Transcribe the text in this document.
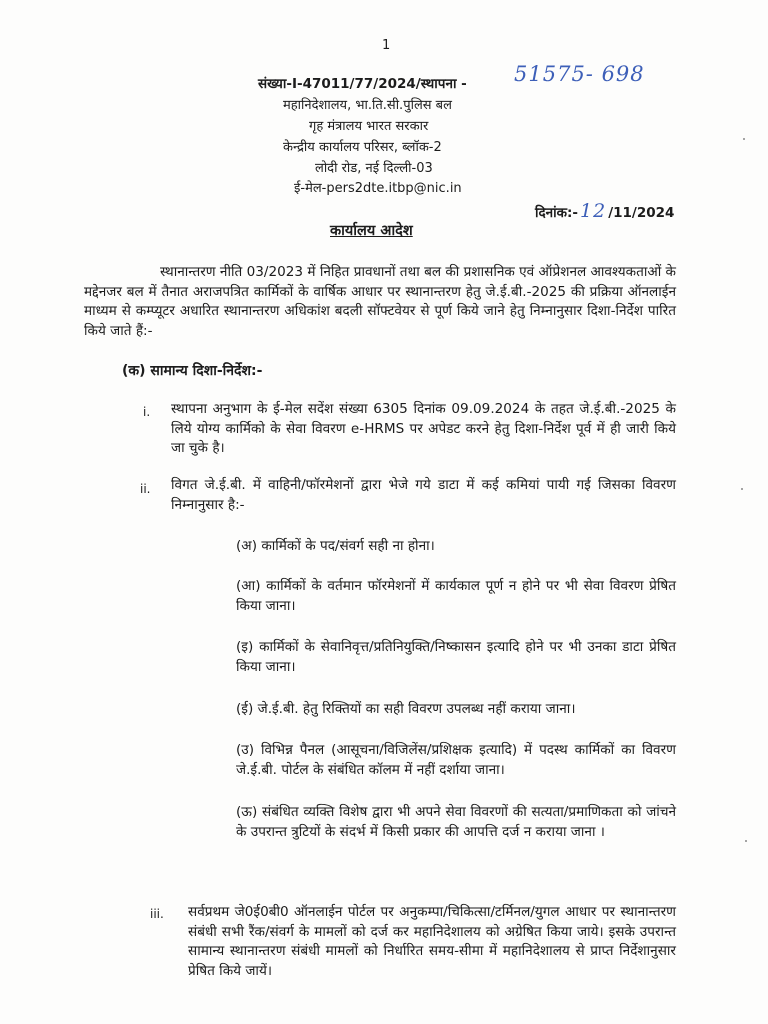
1
संख्या-I-47011/77/2024/स्थापना - 51575- 698
महानिदेशालय, भा.ति.सी.पुलिस बल
गृह मंत्रालय भारत सरकार
केन्द्रीय कार्यालय परिसर, ब्लॉक-2
लोदी रोड, नई दिल्ली-03
ई-मेल-pers2dte.itbp@nic.in
दिनांक:- 12 /11/2024
कार्यालय आदेश
स्थानान्तरण नीति 03/2023 में निहित प्रावधानों तथा बल की प्रशासनिक एवं ऑप्रेशनल आवश्यकताओं के मद्देनजर बल में तैनात अराजपत्रित कार्मिकों के वार्षिक आधार पर स्थानान्तरण हेतु जे.ई.बी.-2025 की प्रक्रिया ऑनलाईन माध्यम से कम्प्यूटर अधारित स्थानान्तरण अधिकांश बदली सॉफ्टवेयर से पूर्ण किये जाने हेतु निम्नानुसार दिशा-निर्देश पारित किये जाते हैं:-
(क) सामान्य दिशा-निर्देश:-
i. स्थापना अनुभाग के ई-मेल सदेंश संख्या 6305 दिनांक 09.09.2024 के तहत जे.ई.बी.-2025 के लिये योग्य कार्मिको के सेवा विवरण e-HRMS पर अपेडट करने हेतु दिशा-निर्देश पूर्व में ही जारी किये जा चुके है।
ii. विगत जे.ई.बी. में वाहिनी/फॉरमेशनों द्वारा भेजे गये डाटा में कई कमियां पायी गई जिसका विवरण निम्नानुसार है:-
(अ) कार्मिकों के पद/संवर्ग सही ना होना।
(आ) कार्मिकों के वर्तमान फॉरमेशनों में कार्यकाल पूर्ण न होने पर भी सेवा विवरण प्रेषित किया जाना।
(इ) कार्मिकों के सेवानिवृत्त/प्रतिनियुक्ति/निष्कासन इत्यादि होने पर भी उनका डाटा प्रेषित किया जाना।
(ई) जे.ई.बी. हेतु रिक्तियों का सही विवरण उपलब्ध नहीं कराया जाना।
(उ) विभिन्न पैनल (आसूचना/विजिलेंस/प्रशिक्षक इत्यादि) में पदस्थ कार्मिकों का विवरण जे.ई.बी. पोर्टल के संबंधित कॉलम में नहीं दर्शाया जाना।
(ऊ) संबंधित व्यक्ति विशेष द्वारा भी अपने सेवा विवरणों की सत्यता/प्रमाणिकता को जांचने के उपरान्त त्रुटियों के संदर्भ में किसी प्रकार की आपत्ति दर्ज न कराया जाना ।
iii. सर्वप्रथम जे0ई0बी0 ऑनलाईन पोर्टल पर अनुकम्पा/चिकित्सा/टर्मिनल/युगल आधार पर स्थानान्तरण संबंधी सभी रैंक/संवर्ग के मामलों को दर्ज कर महानिदेशालय को अग्रेषित किया जाये। इसके उपरान्त सामान्य स्थानान्तरण संबंधी मामलों को निर्धारित समय-सीमा में महानिदेशालय से प्राप्त निर्देशानुसार प्रेषित किये जायें।
